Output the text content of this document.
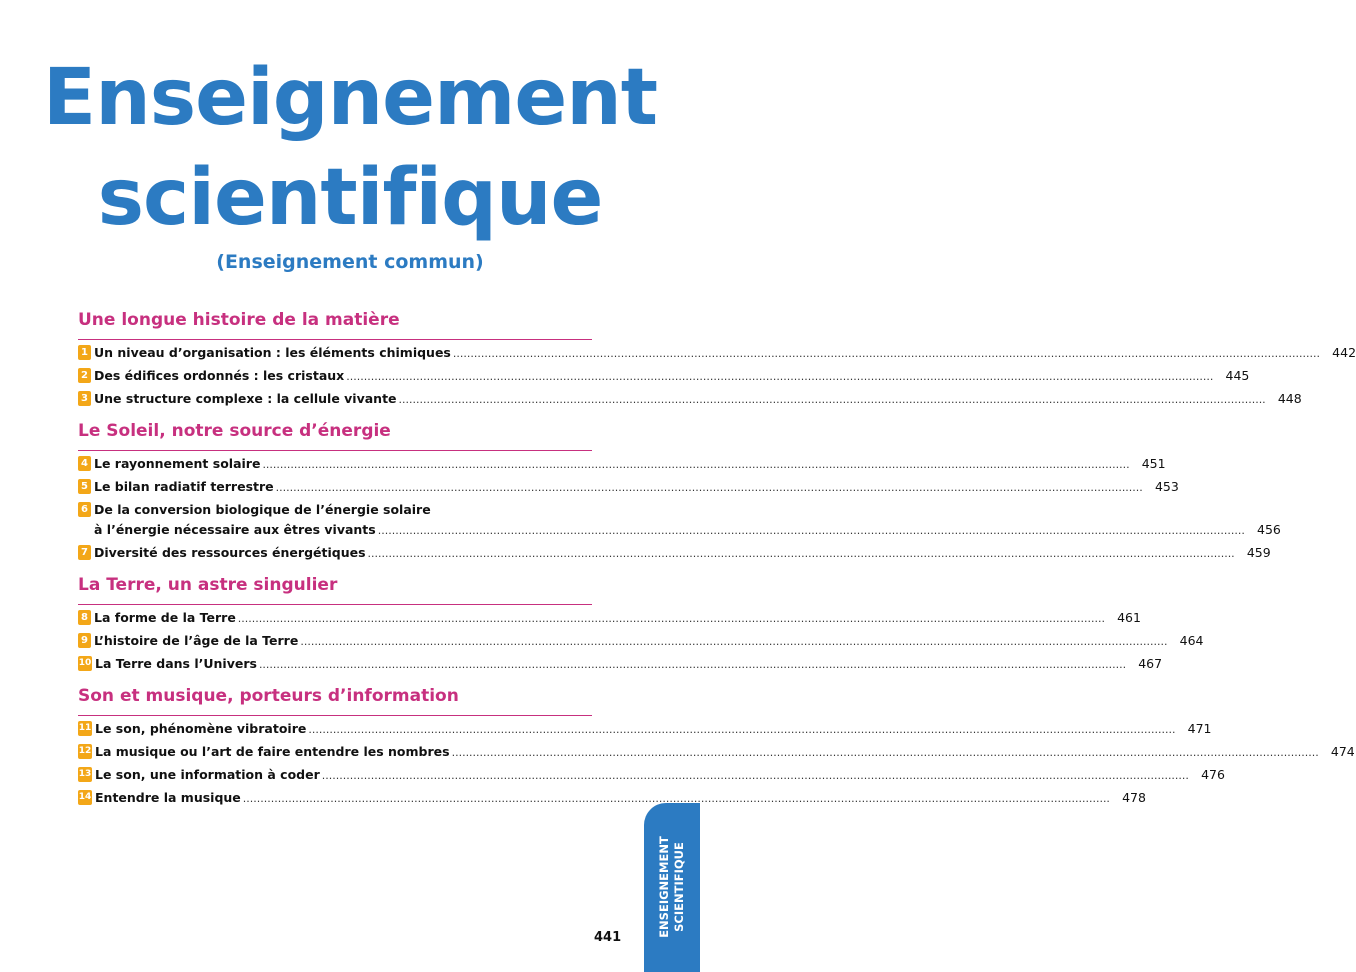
Enseignement
scientifique

(Enseignement commun)

Une longue histoire de la matière
1 Un niveau d’organisation : les éléments chimiques .....	442
2 Des édifices ordonnés : les cristaux .....	445
3 Une structure complexe : la cellule vivante .....	448
Le Soleil, notre source d’énergie
4 Le rayonnement solaire .....	451
5 Le bilan radiatif terrestre .....	453
6 De la conversion biologique de l’énergie solaire
à l’énergie nécessaire aux êtres vivants .....	456
7 Diversité des ressources énergétiques .....	459
La Terre, un astre singulier
8 La forme de la Terre .....	461
9 L’histoire de l’âge de la Terre .....	464
10 La Terre dans l’Univers .....	467
Son et musique, porteurs d’information
11 Le son, phénomène vibratoire .....	471
12 La musique ou l’art de faire entendre les nombres .....	474
13 Le son, une information à coder .....	476
14 Entendre la musique .....	478
441	ENSEIGNEMENT SCIENTIFIQUE
